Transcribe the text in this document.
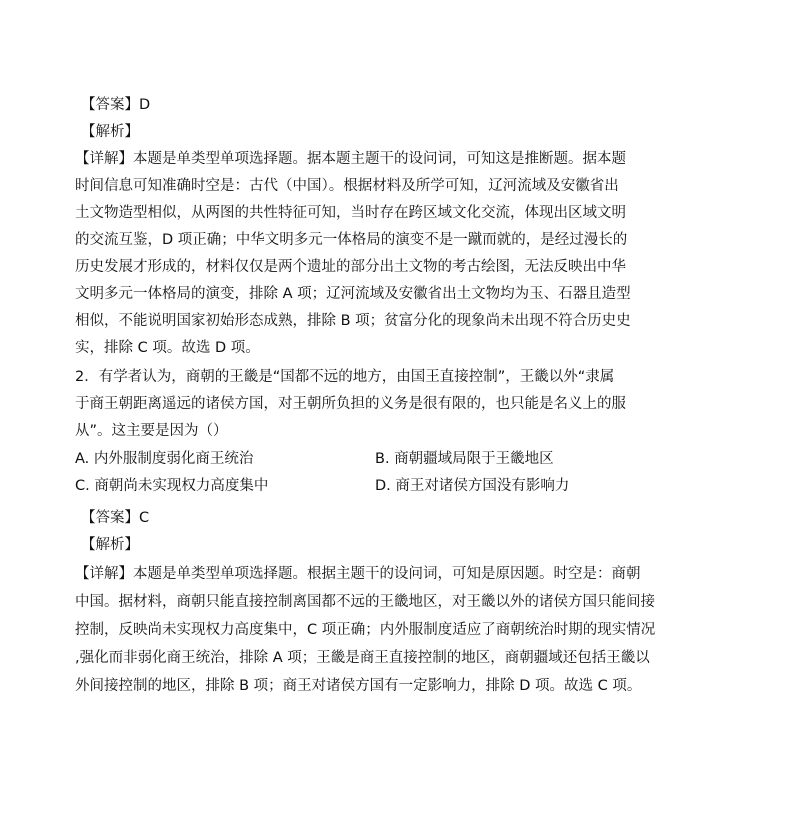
【答案】D
【解析】
【详解】本题是单类型单项选择题。据本题主题干的设问词，可知这是推断题。据本题
时间信息可知准确时空是：古代（中国）。根据材料及所学可知，辽河流域及安徽省出
土文物造型相似，从两图的共性特征可知，当时存在跨区域文化交流，体现出区域文明
的交流互鉴，D 项正确；中华文明多元一体格局的演变不是一蹴而就的，是经过漫长的
历史发展才形成的，材料仅仅是两个遗址的部分出土文物的考古绘图，无法反映出中华
文明多元一体格局的演变，排除 A 项；辽河流域及安徽省出土文物均为玉、石器且造型
相似，不能说明国家初始形态成熟，排除 B 项；贫富分化的现象尚未出现不符合历史史
实，排除 C 项。故选 D 项。
2．有学者认为，商朝的王畿是“国都不远的地方，由国王直接控制”，王畿以外“隶属
于商王朝距离遥远的诸侯方国，对王朝所负担的义务是很有限的，也只能是名义上的服
从”。这主要是因为（）
A. 内外服制度弱化商王统治	B. 商朝疆域局限于王畿地区
C. 商朝尚未实现权力高度集中	D. 商王对诸侯方国没有影响力
【答案】C
【解析】
【详解】本题是单类型单项选择题。根据主题干的设问词，可知是原因题。时空是：商朝
中国。据材料，商朝只能直接控制离国都不远的王畿地区，对王畿以外的诸侯方国只能间接
控制，反映尚未实现权力高度集中，C 项正确；内外服制度适应了商朝统治时期的现实情况
,强化而非弱化商王统治，排除 A 项；王畿是商王直接控制的地区，商朝疆域还包括王畿以
外间接控制的地区，排除 B 项；商王对诸侯方国有一定影响力，排除 D 项。故选 C 项。
